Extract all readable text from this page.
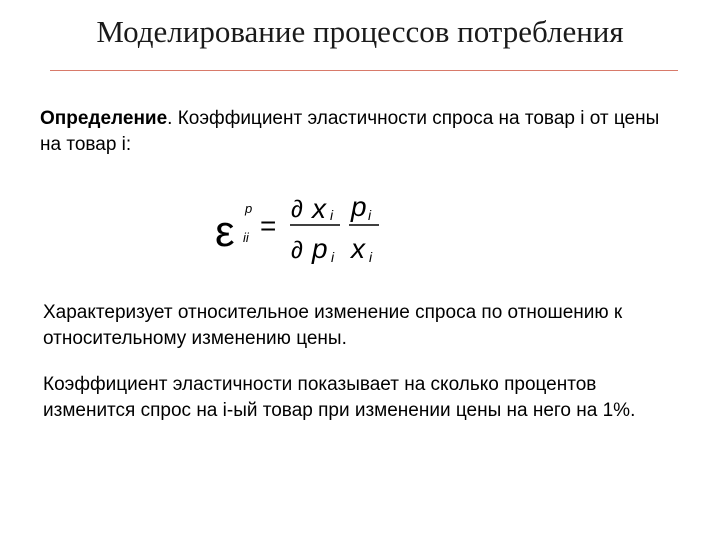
Моделирование процессов потребления
Определение. Коэффициент эластичности спроса на товар i от цены на товар i:
ε p
ii =
∂ x i
∂ p i
p i
x i
Характеризует относительное изменение спроса по отношению к относительному изменению цены.
Коэффициент эластичности показывает на сколько процентов изменится спрос на i-ый товар при изменении цены на него на 1%.
